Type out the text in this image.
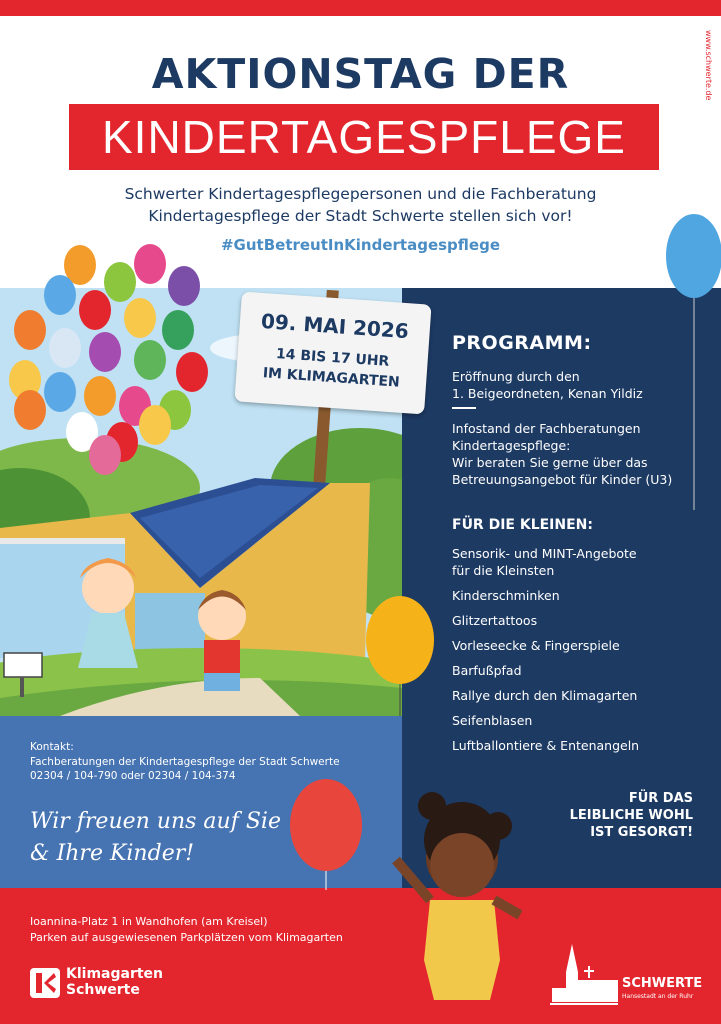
www.schwerte.de
AKTIONSTAG DER
KINDERTAGESPFLEGE
Schwerter Kindertagespflegepersonen und die Fachberatung
Kindertagespflege der Stadt Schwerte stellen sich vor!
#GutBetreutInKindertagespflege
PROGRAMM:
Eröffnung durch den
1. Beigeordneten, Kenan Yildiz
Infostand der Fachberatungen
Kindertagespflege:
Wir beraten Sie gerne über das
Betreuungsangebot für Kinder (U3)
FÜR DIE KLEINEN:
Sensorik- und MINT-Angebote
für die Kleinsten
Kinderschminken
Glitzertattoos
Vorleseecke & Fingerspiele
Barfußpfad
Rallye durch den Klimagarten
Seifenblasen
Luftballontiere & Entenangeln
FÜR DAS
LEIBLICHE WOHL
IST GESORGT!
Kontakt:
Fachberatungen der Kindertagespflege der Stadt Schwerte
02304 / 104-790 oder 02304 / 104-374
Wir freuen uns auf Sie
& Ihre Kinder!
Ioannina-Platz 1 in Wandhofen (am Kreisel)
Parken auf ausgewiesenen Parkplätzen vom Klimagarten
Klimagarten
Schwerte	SCHWERTE
Hansestadt an der Ruhr
09. MAI 2026
14 BIS 17 UHR
IM KLIMAGARTEN
